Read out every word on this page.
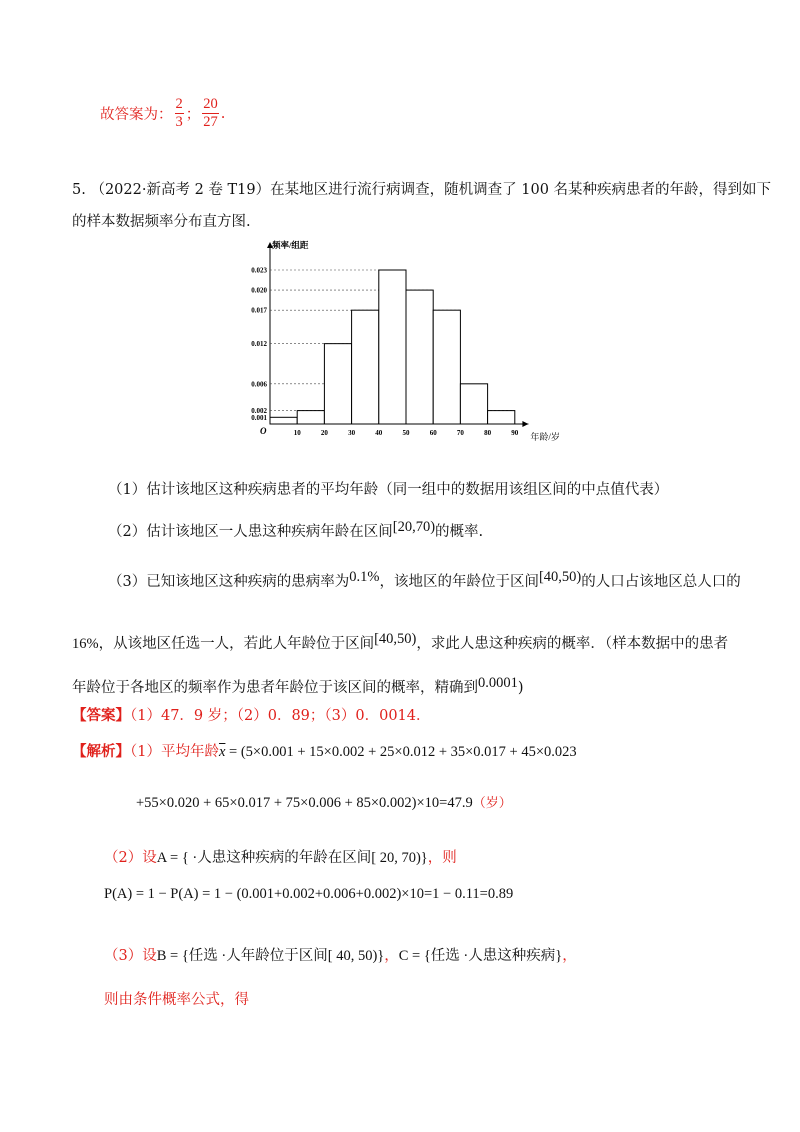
故答案为： $\frac{2}{3}$ ； $\frac{20}{27}$ .
5. （2022·新高考 2 卷 T19）在某地区进行流行病调查，随机调查了 100 名某种疾病患者的年龄，得到如下
的样本数据频率分布直方图.
频率/组距
年龄/岁
O
0.001
0.002
0.006
0.012
0.017
0.020
0.023
10	20	30	40	50	60	70	80	90
（1）估计该地区这种疾病患者的平均年龄（同一组中的数据用该组区间的中点值代表）
（2）估计该地区一人患这种疾病年龄在区间[20,70)的概率.
（3）已知该地区这种疾病的患病率为0.1%，该地区的年龄位于区间[40,50)的人口占该地区总人口的
16%，从该地区任选一人，若此人年龄位于区间[40,50)，求此人患这种疾病的概率．（样本数据中的患者
年龄位于各地区的频率作为患者年龄位于该区间的概率，精确到0.0001)
【答案】（1）47．9 岁；（2）0．89；（3）0．0014．
【解析】（1）平均年龄$\overline{x} = (5\times 0.001 + 15\times 0.002 + 25\times 0.012 + 35\times 0.017 + 45\times 0.023$
+55×0.020 + 65×0.017 + 75×0.006 + 85×0.002)×10=47.9（岁）
（2）设A = { ·人患这种疾病的年龄在区间[ 20, 70)}，则
P(A) = 1 − P(A) = 1 − (0.001+0.002+0.006+0.002)×10=1 − 0.11=0.89
（3）设B = {任选 ·人年龄位于区间[ 40, 50)}，C = {任选 ·人患这种疾病}，
则由条件概率公式，得
